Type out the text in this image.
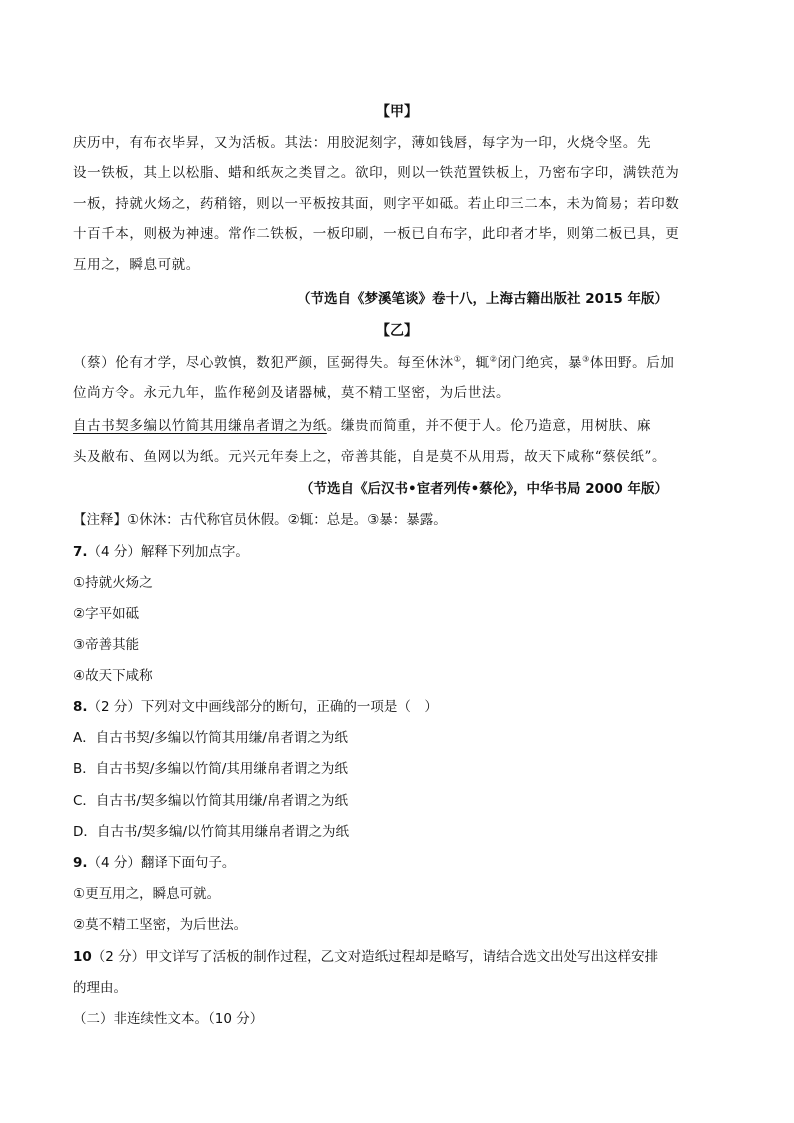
【甲】
庆历中，有布衣毕昇，又为活板。其法：用胶泥刻字，薄如钱唇，每字为一印，火烧令坚。先
设一铁板，其上以松脂、蜡和纸灰之类冒之。欲印，则以一铁范置铁板上，乃密布字印，满铁范为
一板，持就火炀之，药稍镕，则以一平板按其面，则字平如砥。若止印三二本，未为简易；若印数
十百千本，则极为神速。常作二铁板，一板印刷，一板已自布字，此印者才毕，则第二板已具，更
互用之，瞬息可就。
（节选自《梦溪笔谈》卷十八，上海古籍出版社 2015 年版）
【乙】
（蔡）伦有才学，尽心敦慎，数犯严颜，匡弼得失。每至休沐①，辄②闭门绝宾，暴③体田野。后加
位尚方令。永元九年，监作秘剑及诸器械，莫不精工坚密，为后世法。
自古书契多编以竹简其用缣帛者谓之为纸。缣贵而简重，并不便于人。伦乃造意，用树肤、麻
头及敝布、鱼网以为纸。元兴元年奏上之，帝善其能，自是莫不从用焉，故天下咸称“蔡侯纸”。
（节选自《后汉书•宦者列传•蔡伦》，中华书局 2000 年版）
【注释】①休沐：古代称官员休假。②辄：总是。③暴：暴露。
7.（4 分）解释下列加点字。
①持就火炀之
②字平如砥
③帝善其能
④故天下咸称
8.（2 分）下列对文中画线部分的断句，正确的一项是（　）
A．自古书契/多编以竹简其用缣/帛者谓之为纸
B．自古书契/多编以竹简/其用缣帛者谓之为纸
C．自古书/契多编以竹简其用缣/帛者谓之为纸
D．自古书/契多编/以竹简其用缣帛者谓之为纸
9.（4 分）翻译下面句子。
①更互用之，瞬息可就。
②莫不精工坚密，为后世法。
10（2 分）甲文详写了活板的制作过程，乙文对造纸过程却是略写，请结合选文出处写出这样安排
的理由。
（二）非连续性文本。（10 分）
